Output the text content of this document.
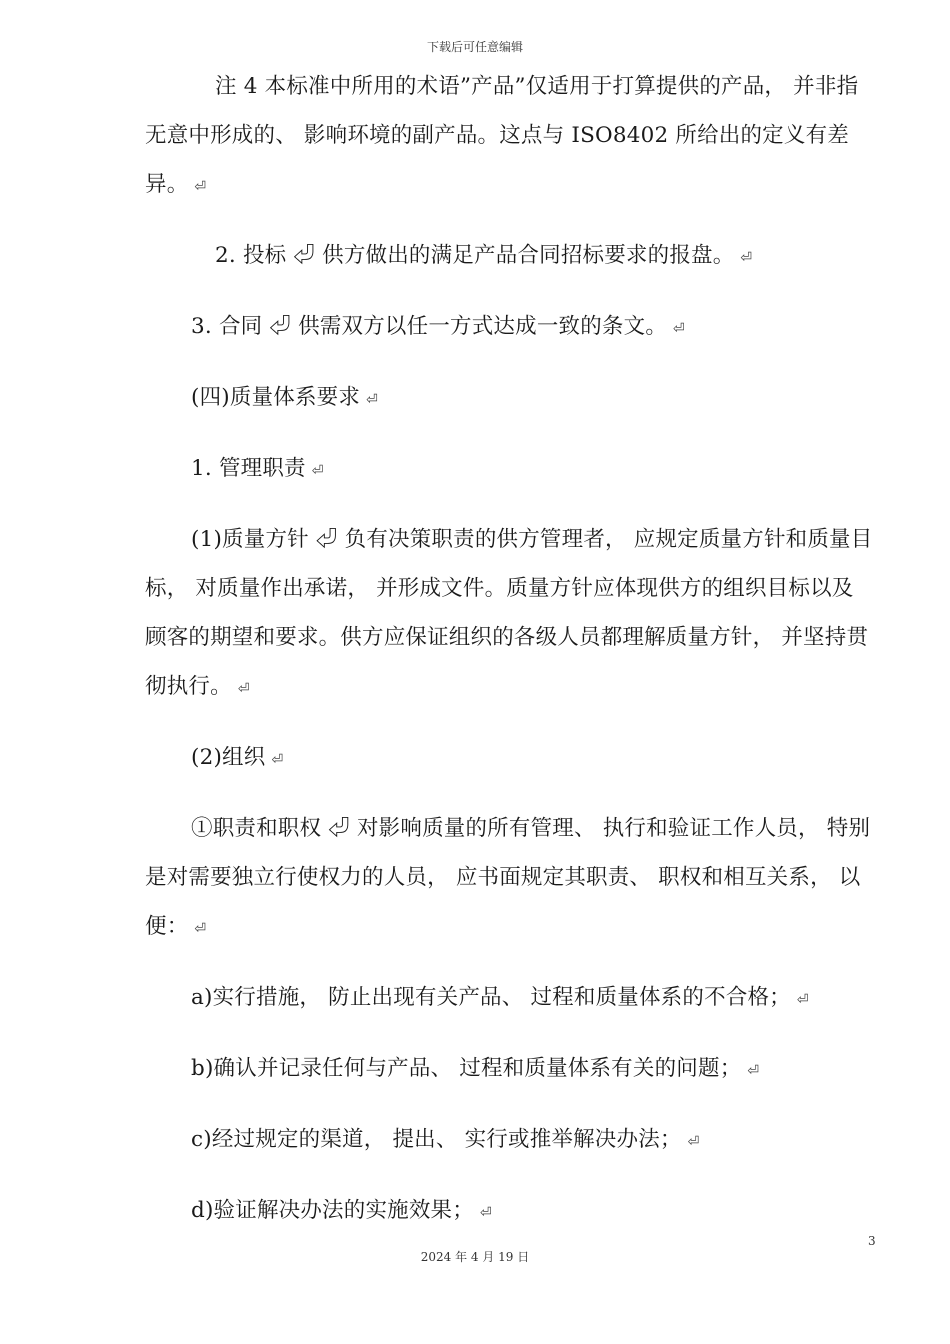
下载后可任意编辑

注 4 本标准中所用的术语”产品”仅适用于打算提供的产品， 并非指无意中形成的、 影响环境的副产品。这点与 ISO8402 所给出的定义有差异。 ⏎

2. 投标 ⏎ 供方做出的满足产品合同招标要求的报盘。 ⏎

3. 合同 ⏎ 供需双方以任一方式达成一致的条文。 ⏎

(四)质量体系要求 ⏎

1. 管理职责 ⏎

(1)质量方针 ⏎ 负有决策职责的供方管理者， 应规定质量方针和质量目标， 对质量作出承诺， 并形成文件。质量方针应体现供方的组织目标以及顾客的期望和要求。供方应保证组织的各级人员都理解质量方针， 并坚持贯彻执行。 ⏎

(2)组织 ⏎

①职责和职权 ⏎ 对影响质量的所有管理、 执行和验证工作人员， 特别是对需要独立行使权力的人员， 应书面规定其职责、 职权和相互关系， 以便： ⏎

a)实行措施， 防止出现有关产品、 过程和质量体系的不合格； ⏎

b)确认并记录任何与产品、 过程和质量体系有关的问题； ⏎

c)经过规定的渠道， 提出、 实行或推举解决办法； ⏎

d)验证解决办法的实施效果； ⏎

3
2024 年 4 月 19 日
